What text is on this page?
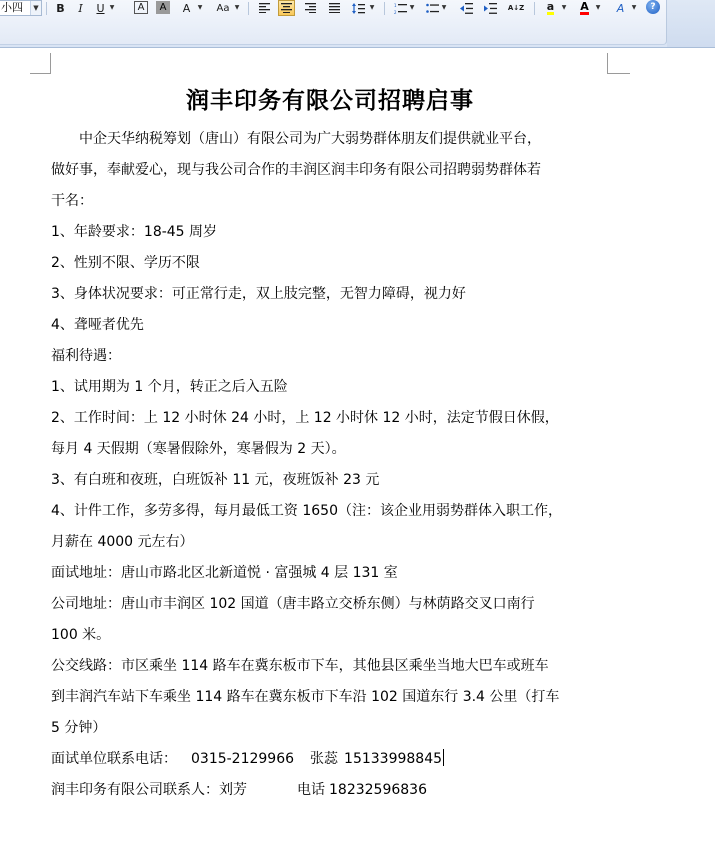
小四	▼ B I U ▼ A A A ▼ Aa ▼	▼	1
2
▼	▼	A↓Z a ▼ A ▼ A ▼	?
润丰印务有限公司招聘启事
中企天华纳税筹划（唐山）有限公司为广大弱势群体朋友们提供就业平台，
做好事，奉献爱心，现与我公司合作的丰润区润丰印务有限公司招聘弱势群体若
干名：
1、年龄要求：18-45 周岁
2、性别不限、学历不限
3、身体状况要求：可正常行走，双上肢完整，无智力障碍，视力好
4、聋哑者优先
福利待遇：
1、试用期为 1 个月，转正之后入五险
2、工作时间：上 12 小时休 24 小时，上 12 小时休 12 小时，法定节假日休假，
每月 4 天假期（寒暑假除外，寒暑假为 2 天）。
3、有白班和夜班，白班饭补 11 元，夜班饭补 23 元
4、计件工作，多劳多得，每月最低工资 1650（注：该企业用弱势群体入职工作，
月薪在 4000 元左右）
面试地址：唐山市路北区北新道悦 · 富强城 4 层 131 室
公司地址：唐山市丰润区 102 国道（唐丰路立交桥东侧）与林荫路交叉口南行
100 米。
公交线路：市区乘坐 114 路车在冀东板市下车，其他县区乘坐当地大巴车或班车
到丰润汽车站下车乘坐 114 路车在冀东板市下车沿 102 国道东行 3.4 公里（打车
5 分钟）
面试单位联系电话： 0315-2129966 张蕊 15133998845
润丰印务有限公司联系人：刘芳	电话 18232596836
